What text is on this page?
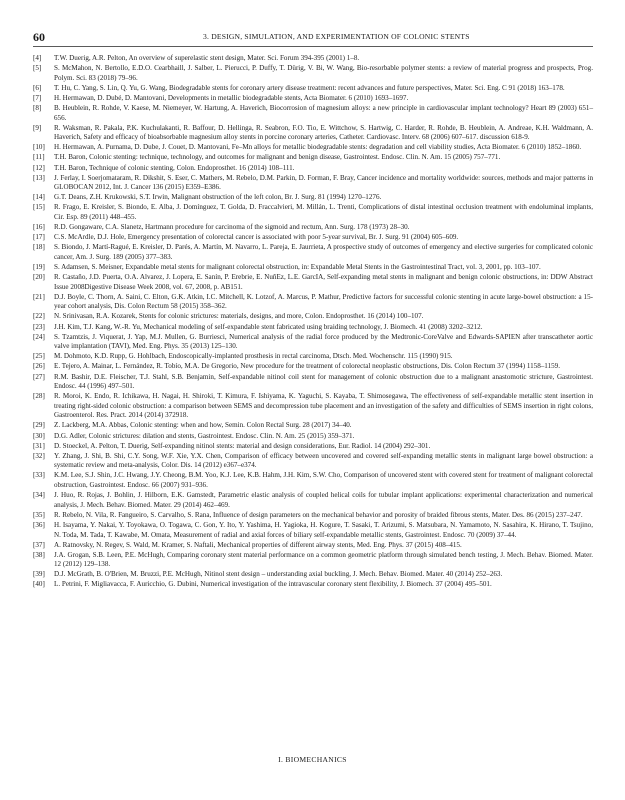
60	3. DESIGN, SIMULATION, AND EXPERIMENTATION OF COLONIC STENTS
[4] T.W. Duerig, A.R. Pelton, An overview of superelastic stent design, Mater. Sci. Forum 394-395 (2001) 1–8.
[5] S. McMahon, N. Bertollo, E.D.O. Cearbhaill, J. Salber, L. Pierucci, P. Duffy, T. Dürig, V. Bi, W. Wang, Bio-resorbable polymer stents: a review of material progress and prospects, Prog. Polym. Sci. 83 (2018) 79–96.
[6] T. Hu, C. Yang, S. Lin, Q. Yu, G. Wang, Biodegradable stents for coronary artery disease treatment: recent advances and future perspectives, Mater. Sci. Eng. C 91 (2018) 163–178.
[7] H. Hermawan, D. Dubé, D. Mantovani, Developments in metallic biodegradable stents, Acta Biomater. 6 (2010) 1693–1697.
[8] B. Heublein, R. Rohde, V. Kaese, M. Niemeyer, W. Hartung, A. Haverich, Biocorrosion of magnesium alloys: a new principle in cardiovascular implant technology? Heart 89 (2003) 651–656.
[9] R. Waksman, R. Pakala, P.K. Kuchulakanti, R. Baffour, D. Hellinga, R. Seabron, F.O. Tio, E. Wittchow, S. Hartwig, C. Harder, R. Rohde, B. Heublein, A. Andreae, K.H. Waldmann, A. Haverich, Safety and efficacy of bioabsorbable magnesium alloy stents in porcine coronary arteries, Catheter. Cardiovasc. Interv. 68 (2006) 607–617. discussion 618-9.
[10] H. Hermawan, A. Purnama, D. Dube, J. Couet, D. Mantovani, Fe–Mn alloys for metallic biodegradable stents: degradation and cell viability studies, Acta Biomater. 6 (2010) 1852–1860.
[11] T.H. Baron, Colonic stenting: technique, technology, and outcomes for malignant and benign disease, Gastrointest. Endosc. Clin. N. Am. 15 (2005) 757–771.
[12] T.H. Baron, Technique of colonic stenting, Colon. Endoprosthet. 16 (2014) 108–111.
[13] J. Ferlay, I. Soerjomataram, R. Dikshit, S. Eser, C. Mathers, M. Rebelo, D.M. Parkin, D. Forman, F. Bray, Cancer incidence and mortality worldwide: sources, methods and major patterns in GLOBOCAN 2012, Int. J. Cancer 136 (2015) E359–E386.
[14] G.T. Deans, Z.H. Krukowski, S.T. Irwin, Malignant obstruction of the left colon, Br. J. Surg. 81 (1994) 1270–1276.
[15] R. Frago, E. Kreisler, S. Biondo, E. Alba, J. Domínguez, T. Golda, D. Fraccalvieri, M. Millán, L. Trenti, Complications of distal intestinal occlusion treatment with endoluminal implants, Cir. Esp. 89 (2011) 448–455.
[16] R.D. Gongaware, C.A. Slanetz, Hartmann procedure for carcinoma of the sigmoid and rectum, Ann. Surg. 178 (1973) 28–30.
[17] C.S. McArdle, D.J. Hole, Emergency presentation of colorectal cancer is associated with poor 5-year survival, Br. J. Surg. 91 (2004) 605–609.
[18] S. Biondo, J. Martí-Ragué, E. Kreisler, D. Parés, A. Martín, M. Navarro, L. Pareja, E. Jaurrieta, A prospective study of outcomes of emergency and elective surgeries for complicated colonic cancer, Am. J. Surg. 189 (2005) 377–383.
[19] S. Adamsen, S. Meisner, Expandable metal stents for malignant colorectal obstruction, in: Expandable Metal Stents in the Gastrointestinal Tract, vol. 3, 2001, pp. 103–107.
[20] R. Castaño, J.D. Puerta, O.A. Alvarez, J. Lopera, E. Sanín, P. Erebrie, E. NuñEz, L.E. GarcIA, Self-expanding metal stents in malignant and benign colonic obstructions, in: DDW Abstract Issue 2008Digestive Disease Week 2008, vol. 67, 2008, p. AB151.
[21] D.J. Boyle, C. Thorn, A. Saini, C. Elton, G.K. Atkin, I.C. Mitchell, K. Lotzof, A. Marcus, P. Mathur, Predictive factors for successful colonic stenting in acute large-bowel obstruction: a 15-year cohort analysis, Dis. Colon Rectum 58 (2015) 358–362.
[22] N. Srinivasan, R.A. Kozarek, Stents for colonic strictures: materials, designs, and more, Colon. Endoprosthet. 16 (2014) 100–107.
[23] J.H. Kim, T.J. Kang, W.-R. Yu, Mechanical modeling of self-expandable stent fabricated using braiding technology, J. Biomech. 41 (2008) 3202–3212.
[24] S. Tzamtzis, J. Viquerat, J. Yap, M.J. Mullen, G. Burriesci, Numerical analysis of the radial force produced by the Medtronic-CoreValve and Edwards-SAPIEN after transcatheter aortic valve implantation (TAVI), Med. Eng. Phys. 35 (2013) 125–130.
[25] M. Dohmoto, K.D. Rupp, G. Hohlbach, Endoscopically-implanted prosthesis in rectal carcinoma, Dtsch. Med. Wochenschr. 115 (1990) 915.
[26] E. Tejero, A. Mainar, L. Fernández, R. Tobío, M.A. De Gregorio, New procedure for the treatment of colorectal neoplastic obstructions, Dis. Colon Rectum 37 (1994) 1158–1159.
[27] R.M. Bashir, D.E. Fleischer, T.J. Stahl, S.B. Benjamin, Self-expandable nitinol coil stent for management of colonic obstruction due to a malignant anastomotic stricture, Gastrointest. Endosc. 44 (1996) 497–501.
[28] R. Moroi, K. Endo, R. Ichikawa, H. Nagai, H. Shiroki, T. Kimura, F. Ishiyama, K. Yaguchi, S. Kayaba, T. Shimosegawa, The effectiveness of self-expandable metallic stent insertion in treating right-sided colonic obstruction: a comparison between SEMS and decompression tube placement and an investigation of the safety and difficulties of SEMS insertion in right colons, Gastroenterol. Res. Pract. 2014 (2014) 372918.
[29] Z. Lackberg, M.A. Abbas, Colonic stenting: when and how, Semin. Colon Rectal Surg. 28 (2017) 34–40.
[30] D.G. Adler, Colonic strictures: dilation and stents, Gastrointest. Endosc. Clin. N. Am. 25 (2015) 359–371.
[31] D. Stoeckel, A. Pelton, T. Duerig, Self-expanding nitinol stents: material and design considerations, Eur. Radiol. 14 (2004) 292–301.
[32] Y. Zhang, J. Shi, B. Shi, C.Y. Song, W.F. Xie, Y.X. Chen, Comparison of efficacy between uncovered and covered self-expanding metallic stents in malignant large bowel obstruction: a systematic review and meta-analysis, Color. Dis. 14 (2012) e367–e374.
[33] K.M. Lee, S.J. Shin, J.C. Hwang, J.Y. Cheong, B.M. Yoo, K.J. Lee, K.B. Hahm, J.H. Kim, S.W. Cho, Comparison of uncovered stent with covered stent for treatment of malignant colorectal obstruction, Gastrointest. Endosc. 66 (2007) 931–936.
[34] J. Huo, R. Rojas, J. Bohlin, J. Hilborn, E.K. Gamstedt, Parametric elastic analysis of coupled helical coils for tubular implant applications: experimental characterization and numerical analysis, J. Mech. Behav. Biomed. Mater. 29 (2014) 462–469.
[35] R. Rebelo, N. Vila, R. Fangueiro, S. Carvalho, S. Rana, Influence of design parameters on the mechanical behavior and porosity of braided fibrous stents, Mater. Des. 86 (2015) 237–247.
[36] H. Isayama, Y. Nakai, Y. Toyokawa, O. Togawa, C. Gon, Y. Ito, Y. Yashima, H. Yagioka, H. Kogure, T. Sasaki, T. Arizumi, S. Matsubara, N. Yamamoto, N. Sasahira, K. Hirano, T. Tsujino, N. Toda, M. Tada, T. Kawabe, M. Omata, Measurement of radial and axial forces of biliary self-expandable metallic stents, Gastrointest. Endosc. 70 (2009) 37–44.
[37] A. Ratnovsky, N. Regev, S. Wald, M. Kramer, S. Naftali, Mechanical properties of different airway stents, Med. Eng. Phys. 37 (2015) 408–415.
[38] J.A. Grogan, S.B. Leen, P.E. McHugh, Comparing coronary stent material performance on a common geometric platform through simulated bench testing, J. Mech. Behav. Biomed. Mater. 12 (2012) 129–138.
[39] D.J. McGrath, B. O'Brien, M. Bruzzi, P.E. McHugh, Nitinol stent design – understanding axial buckling, J. Mech. Behav. Biomed. Mater. 40 (2014) 252–263.
[40] L. Petrini, F. Migliavacca, F. Auricchio, G. Dubini, Numerical investigation of the intravascular coronary stent flexibility, J. Biomech. 37 (2004) 495–501.
I. BIOMECHANICS
